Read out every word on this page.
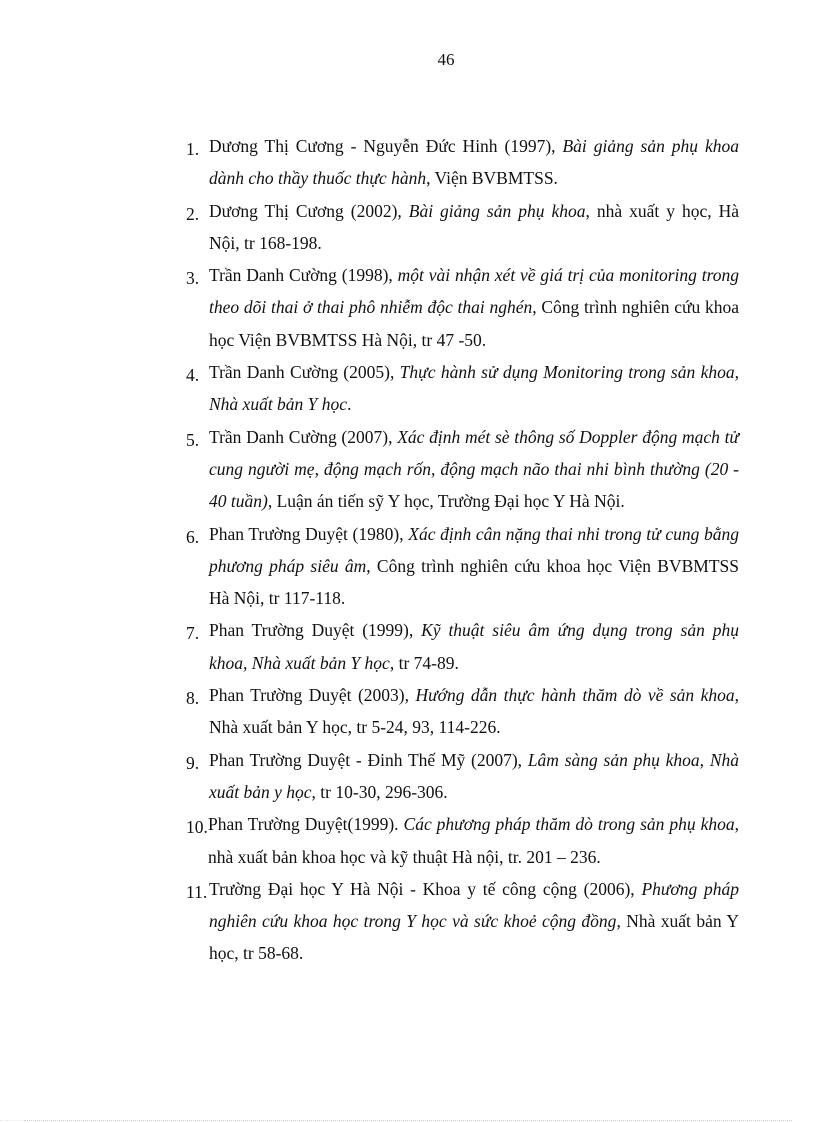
46
1. Dương Thị Cương - Nguyễn Đức Hinh (1997), Bài giảng sản phụ khoa dành cho thầy thuốc thực hành, Viện BVBMTSS.
2. Dương Thị Cương (2002), Bài giảng sản phụ khoa, nhà xuất y học, Hà Nội, tr 168-198.
3. Trần Danh Cường (1998), một vài nhận xét về giá trị của monitoring trong theo dõi thai ở thai phô nhiễm độc thai nghén, Công trình nghiên cứu khoa học Viện BVBMTSS Hà Nội, tr 47 -50.
4. Trần Danh Cường (2005), Thực hành sử dụng Monitoring trong sản khoa, Nhà xuất bản Y học.
5. Trần Danh Cường (2007), Xác định mét sè thông số Doppler động mạch tử cung người mẹ, động mạch rốn, động mạch não thai nhi bình thường (20 - 40 tuần), Luận án tiến sỹ Y học, Trường Đại học Y Hà Nội.
6. Phan Trường Duyệt (1980), Xác định cân nặng thai nhi trong tử cung bằng phương pháp siêu âm, Công trình nghiên cứu khoa học Viện BVBMTSS Hà Nội, tr 117-118.
7. Phan Trường Duyệt (1999), Kỹ thuật siêu âm ứng dụng trong sản phụ khoa, Nhà xuất bản Y học, tr 74-89.
8. Phan Trường Duyệt (2003), Hướng dẫn thực hành thăm dò về sản khoa, Nhà xuất bản Y học, tr 5-24, 93, 114-226.
9. Phan Trường Duyệt - Đinh Thế Mỹ (2007), Lâm sàng sản phụ khoa, Nhà xuất bản y học, tr 10-30, 296-306.
10. Phan Trường Duyệt(1999). Các phương pháp thăm dò trong sản phụ khoa, nhà xuất bản khoa học và kỹ thuật Hà nội, tr. 201 – 236.
11. Trường Đại học Y Hà Nội - Khoa y tế công cộng (2006), Phương pháp nghiên cứu khoa học trong Y học và sức khoẻ cộng đồng, Nhà xuất bản Y học, tr 58-68.
